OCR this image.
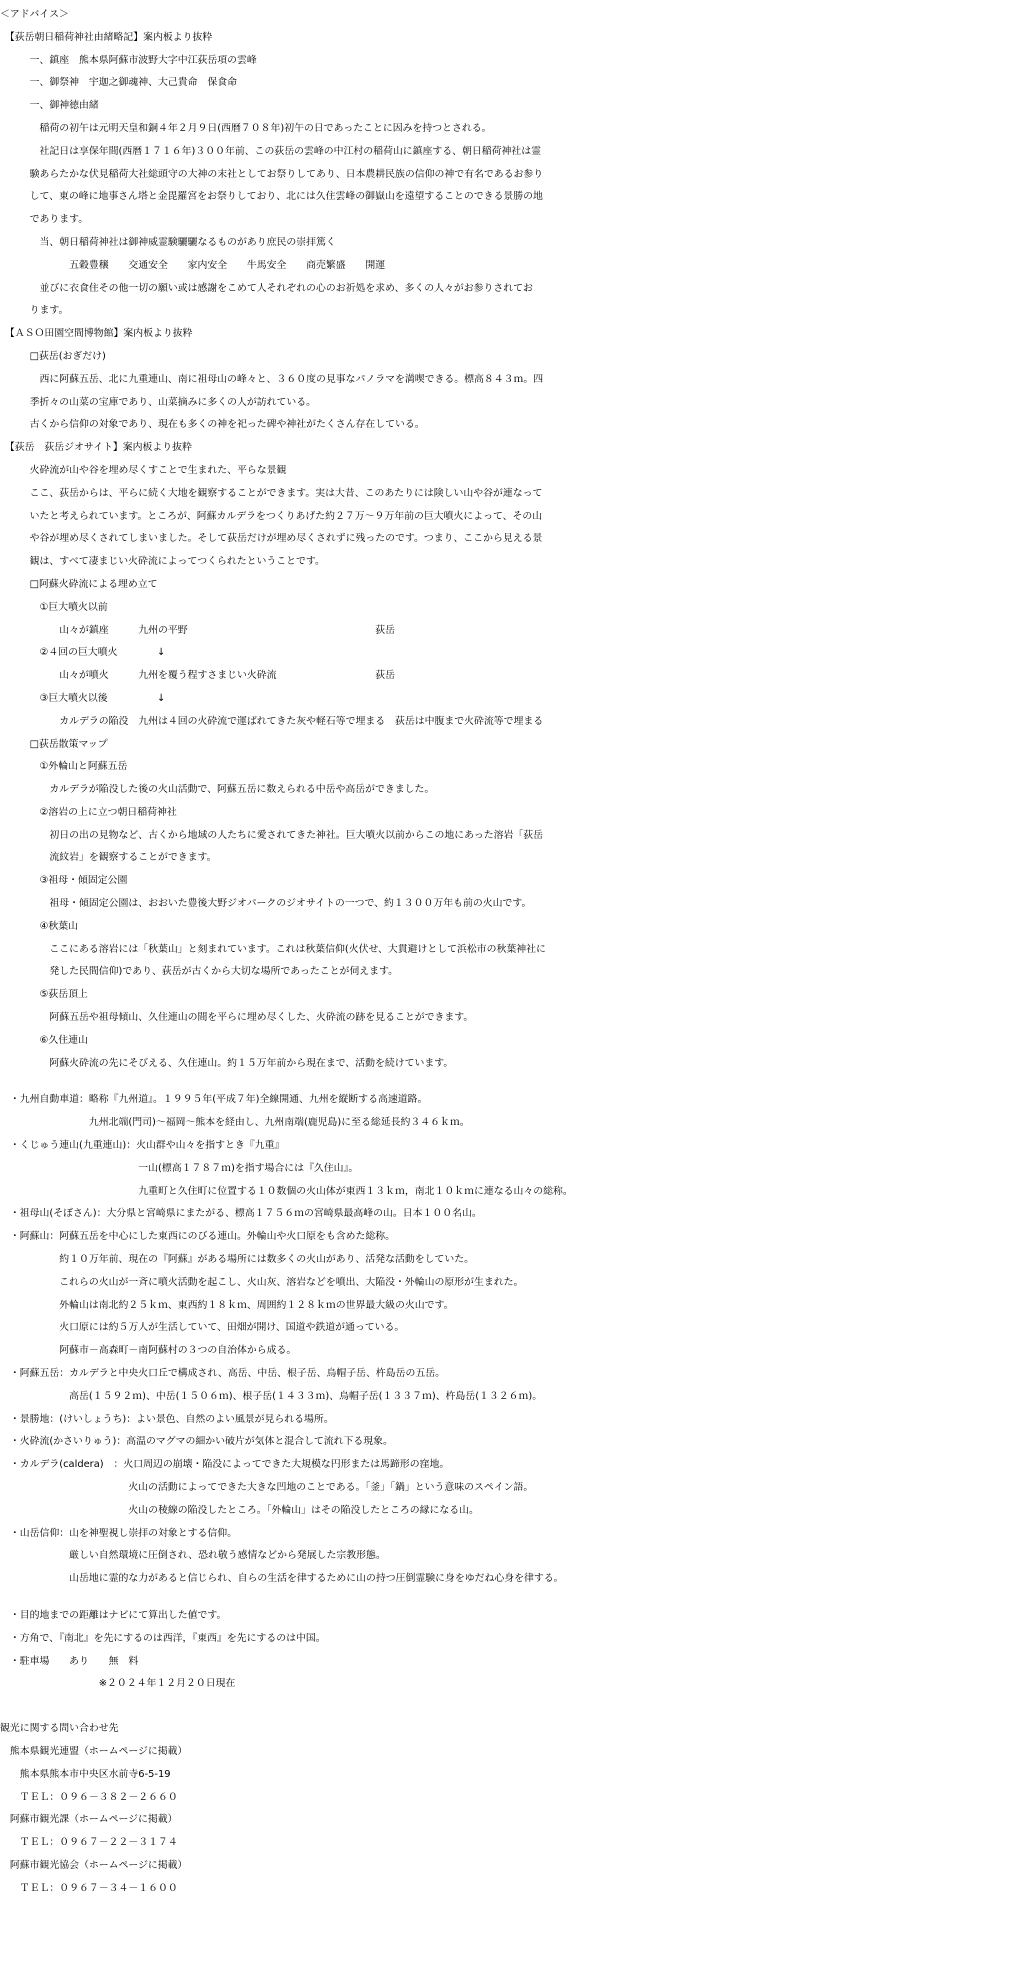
＜アドバイス＞
　【荻岳朝日稲荷神社由緒略記】案内板より抜粋
　　　一、鎮座　熊本県阿蘇市波野大字中江荻岳項の雲峰
　　　一、御祭神　宇迦之御魂神、大己貴命　保食命
　　　一、御神徳由緒
　　　　稲荷の初午は元明天皇和銅４年２月９日(西暦７０８年)初午の日であったことに因みを持つとされる。
　　　　社記日は享保年間(西暦１７１６年)３００年前、この荻岳の雲峰の中江村の稲荷山に鎮座する、朝日稲荷神社は霊
　　　験あらたかな伏見稲荷大社総頭守の大神の末社としてお祭りしてあり、日本農耕民族の信仰の神で有名であるお参り
　　　して、東の峰に地事さん塔と金毘羅宮をお祭りしており、北には久住雲峰の御嶽山を遠望することのできる景勝の地
　　　であります。
　　　　当、朝日稲荷神社は御神威霊験驪驪なるものがあり庶民の崇拝篤く
　　　　　　　五穀豊穣　　交通安全　　家内安全　　牛馬安全　　商売繁盛　　開運
　　　　並びに衣食住その他一切の願い或は感謝をこめて人それぞれの心のお祈処を求め、多くの人々がお参りされてお
　　　ります。
　【ＡＳＯ田園空間博物館】案内板より抜粋
　　　□荻岳(おぎだけ)
　　　　西に阿蘇五岳、北に九重連山、南に祖母山の峰々と、３６０度の見事なパノラマを満喫できる。標高８４３ｍ。四
　　　季折々の山菜の宝庫であり、山菜摘みに多くの人が訪れている。
　　　古くから信仰の対象であり、現在も多くの神を祀った碑や神社がたくさん存在している。
　【荻岳　荻岳ジオサイト】案内板より抜粋
　　　火砕流が山や谷を埋め尽くすことで生まれた、平らな景観
　　　ここ、荻岳からは、平らに続く大地を観察することができます。実は大昔、このあたりには険しい山や谷が連なって
　　　いたと考えられています。ところが、阿蘇カルデラをつくりあげた約２７万～９万年前の巨大噴火によって、その山
　　　や谷が埋め尽くされてしまいました。そして荻岳だけが埋め尽くされずに残ったのです。つまり、ここから見える景
　　　観は、すべて凄まじい火砕流によってつくられたということです。
　　　□阿蘇火砕流による埋め立て
　　　　①巨大噴火以前
　　　　　　山々が鎮座　　　九州の平野　　　　　　　　　　　　　　　　　　　荻岳
　　　　②４回の巨大噴火　　　　↓
　　　　　　山々が噴火　　　九州を覆う程すさまじい火砕流　　　　　　　　　　荻岳
　　　　③巨大噴火以後　　　　　↓
　　　　　　カルデラの陥没　九州は４回の火砕流で運ばれてきた灰や軽石等で埋まる　荻岳は中腹まで火砕流等で埋まる
　　　□荻岳散策マップ
　　　　①外輪山と阿蘇五岳
　　　　　カルデラが陥没した後の火山活動で、阿蘇五岳に数えられる中岳や高岳ができました。
　　　　②溶岩の上に立つ朝日稲荷神社
　　　　　初日の出の見物など、古くから地域の人たちに愛されてきた神社。巨大噴火以前からこの地にあった溶岩「荻岳
　　　　　流紋岩」を観察することができます。
　　　　③祖母・傾固定公園
　　　　　祖母・傾固定公園は、おおいた豊後大野ジオパークのジオサイトの一つで、約１３００万年も前の火山です。
　　　　④秋葉山
　　　　　ここにある溶岩には「秋葉山」と刻まれています。これは秋葉信仰(火伏せ、大貫避けとして浜松市の秋葉神社に
　　　　　発した民間信仰)であり、荻岳が古くから大切な場所であったことが伺えます。
　　　　⑤荻岳頂上
　　　　　阿蘇五岳や祖母傾山、久住連山の間を平らに埋め尽くした、火砕流の跡を見ることができます。
　　　　⑥久住連山
　　　　　阿蘇火砕流の先にそびえる、久住連山。約１５万年前から現在まで、活動を続けています。
　・九州自動車道：略称『九州道』。１９９５年(平成７年)全線開通、九州を縦断する高速道路。
　　　　　　　　　九州北端(門司)～福岡～熊本を経由し、九州南端(鹿児島)に至る総延長約３４６ｋｍ。
　・くじゅう連山(九重連山)：火山群や山々を指すとき『九重』
　　　　　　　　　　　　　　一山(標高１７８７ｍ)を指す場合には『久住山』。
　　　　　　　　　　　　　　九重町と久住町に位置する１０数個の火山体が東西１３ｋｍ，南北１０ｋｍに連なる山々の総称。
　・祖母山(そぼさん)：大分県と宮崎県にまたがる、標高１７５６ｍの宮崎県最高峰の山。日本１００名山。
　・阿蘇山：阿蘇五岳を中心にした東西にのびる連山。外輪山や火口原をも含めた総称。
　　　　　　約１０万年前、現在の『阿蘇』がある場所には数多くの火山があり、活発な活動をしていた。
　　　　　　これらの火山が一斉に噴火活動を起こし、火山灰、溶岩などを噴出、大陥没・外輪山の原形が生まれた。
　　　　　　外輪山は南北約２５ｋｍ、東西約１８ｋｍ、周囲約１２８ｋｍの世界最大級の火山です。
　　　　　　火口原には約５万人が生活していて、田畑が開け、国道や鉄道が通っている。
　　　　　　阿蘇市－高森町－南阿蘇村の３つの自治体から成る。
　・阿蘇五岳：カルデラと中央火口丘で構成され、高岳、中岳、根子岳、烏帽子岳、杵島岳の五岳。
　　　　　　　高岳(１５９２ｍ)、中岳(１５０６ｍ)、根子岳(１４３３ｍ)、烏帽子岳(１３３７ｍ)、杵島岳(１３２６ｍ)。
　・景勝地：(けいしょうち)：よい景色、自然のよい風景が見られる場所。
　・火砕流(かさいりゅう)：高温のマグマの細かい破片が気体と混合して流れ下る現象。
　・カルデラ(caldera)　：火口周辺の崩壊・陥没によってできた大規模な円形または馬蹄形の窪地。
　　　　　　　　　　　　　火山の活動によってできた大きな凹地のことである。「釜」「鍋」という意味のスペイン語。
　　　　　　　　　　　　　火山の稜線の陥没したところ。「外輪山」はその陥没したところの縁になる山。
　・山岳信仰：山を神聖視し崇拝の対象とする信仰。
　　　　　　　厳しい自然環境に圧倒され、恐れ敬う感情などから発展した宗教形態。
　　　　　　　山岳地に霊的な力があると信じられ、自らの生活を律するために山の持つ圧倒霊験に身をゆだね心身を律する。
　・目的地までの距離はナビにて算出した値です。
　・方角で、『南北』を先にするのは西洋，『東西』を先にするのは中国。
　・駐車場　　あり　　無　料
　　　　　　　　　　※２０２４年１２月２０日現在
観光に関する問い合わせ先
　熊本県観光連盟（ホームページに掲載）
　　熊本県熊本市中央区水前寺6-5-19
　　ＴＥＬ：０９６－３８２－２６６０
　阿蘇市観光課（ホームページに掲載）
　　ＴＥＬ：０９６７－２２－３１７４
　阿蘇市観光協会（ホームページに掲載）
　　ＴＥＬ：０９６７－３４－１６００
